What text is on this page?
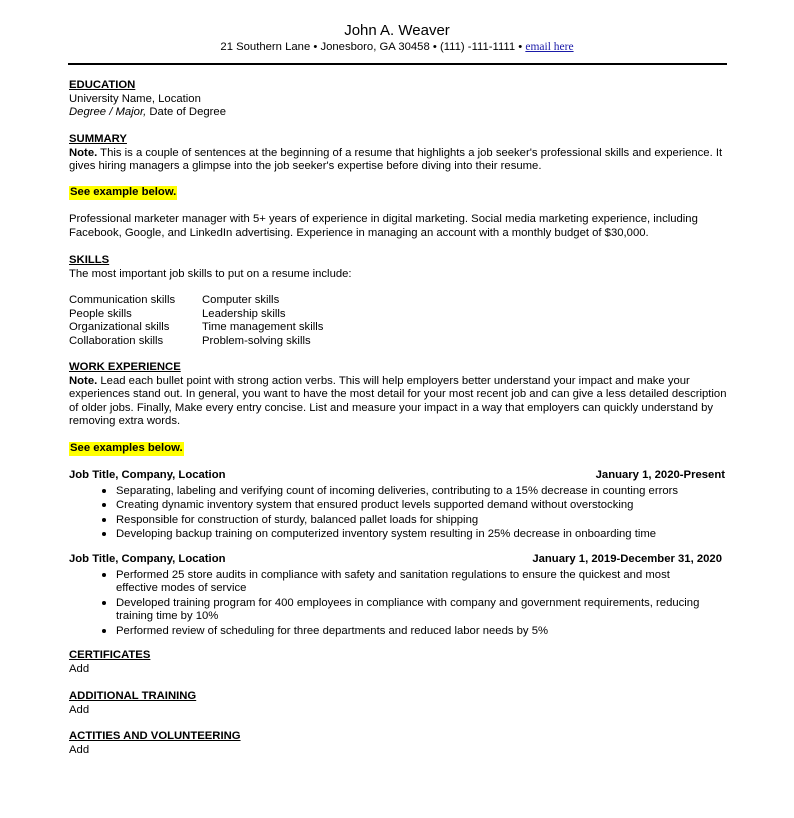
John A. Weaver
21 Southern Lane • Jonesboro, GA 30458 • (111) -111-1111 • email here
EDUCATION
University Name, Location
Degree / Major, Date of Degree
SUMMARY

Note. This is a couple of sentences at the beginning of a resume that highlights a job seeker's professional skills and experience. It gives hiring managers a glimpse into the job seeker's expertise before diving into their resume.

See example below.

Professional marketer manager with 5+ years of experience in digital marketing. Social media marketing experience, including Facebook, Google, and LinkedIn advertising. Experience in managing an account with a monthly budget of $30,000.

SKILLS
The most important job skills to put on a resume include:
Communication skills	Computer skills
People skills	Leadership skills
Organizational skills	Time management skills
Collaboration skills	Problem-solving skills
WORK EXPERIENCE

Note. Lead each bullet point with strong action verbs. This will help employers better understand your impact and make your experiences stand out. In general, you want to have the most detail for your most recent job and can give a less detailed description of older jobs. Finally, Make every entry concise. List and measure your impact in a way that employers can quickly understand by removing extra words.

See examples below.
Job Title, Company, Location	January 1, 2020-Present
• Separating, labeling and verifying count of incoming deliveries, contributing to a 15% decrease in counting errors
• Creating dynamic inventory system that ensured product levels supported demand without overstocking
• Responsible for construction of sturdy, balanced pallet loads for shipping
• Developing backup training on computerized inventory system resulting in 25% decrease in onboarding time
Job Title, Company, Location	January 1, 2019-December 31, 2020
• Performed 25 store audits in compliance with safety and sanitation regulations to ensure the quickest and most effective modes of service
• Developed training program for 400 employees in compliance with company and government requirements, reducing training time by 10%
• Performed review of scheduling for three departments and reduced labor needs by 5%
CERTIFICATES
Add
ADDITIONAL TRAINING
Add
ACTITIES AND VOLUNTEERING
Add
